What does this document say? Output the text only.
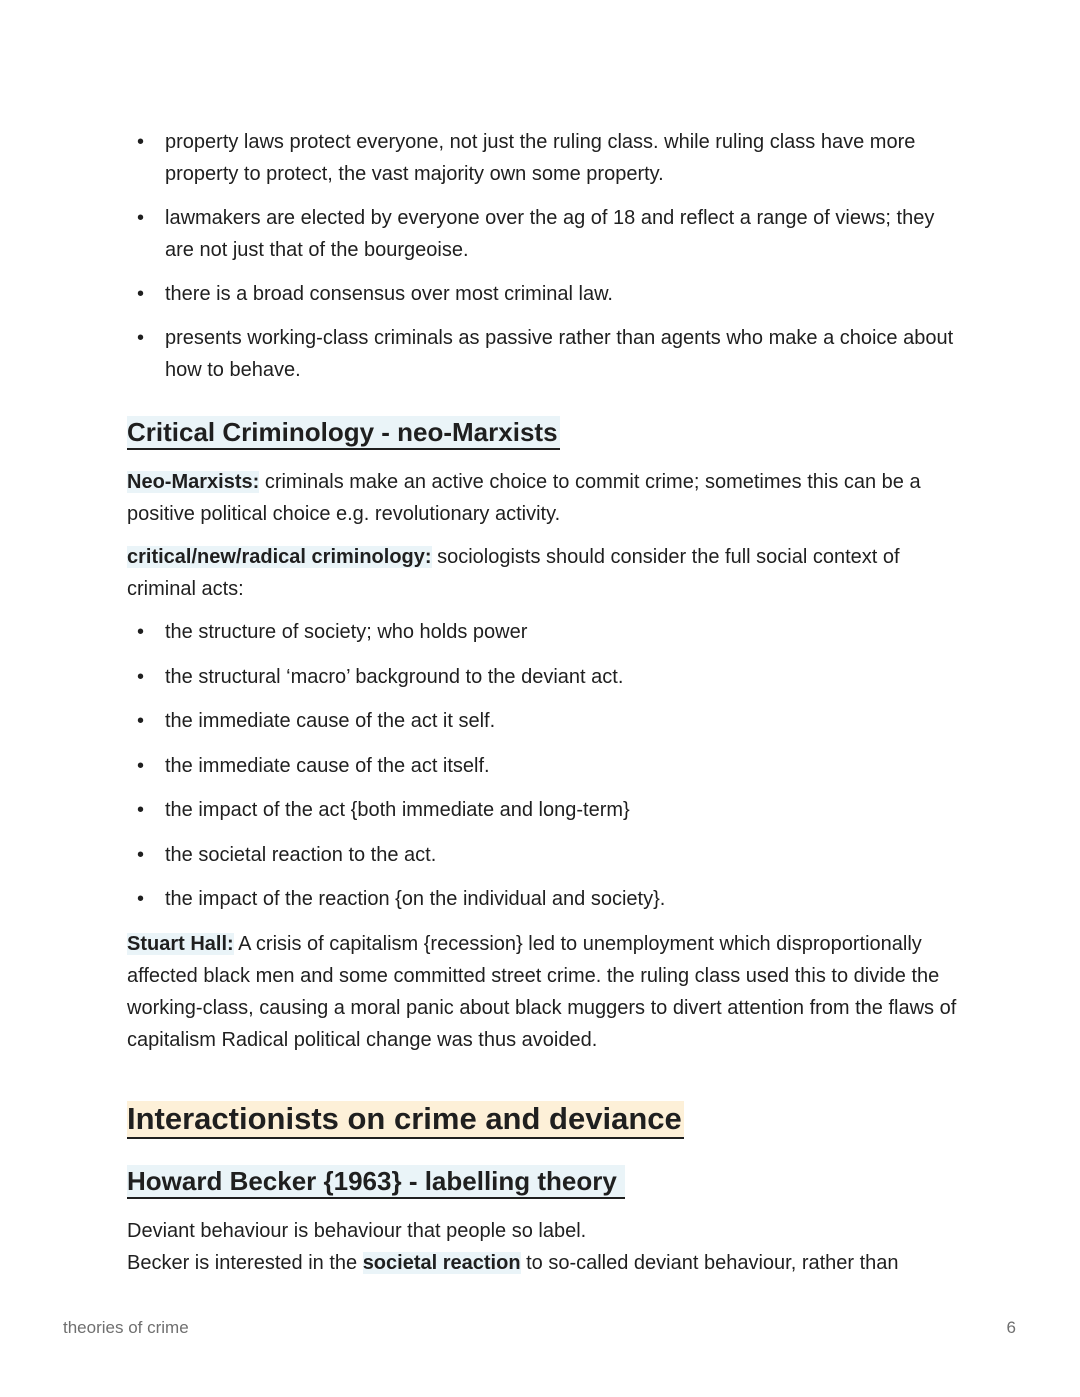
• property laws protect everyone, not just the ruling class. while ruling class have more property to protect, the vast majority own some property.
• lawmakers are elected by everyone over the ag of 18 and reflect a range of views; they are not just that of the bourgeoise.
• there is a broad consensus over most criminal law.
• presents working-class criminals as passive rather than agents who make a choice about how to behave.
Critical Criminology - neo-Marxists

Neo-Marxists: criminals make an active choice to commit crime; sometimes this can be a positive political choice e.g. revolutionary activity.

critical/new/radical criminology: sociologists should consider the full social context of criminal acts:

• the structure of society; who holds power
• the structural ‘macro’ background to the deviant act.
• the immediate cause of the act it self.
• the immediate cause of the act itself.
• the impact of the act {both immediate and long-term}
• the societal reaction to the act.
• the impact of the reaction {on the individual and society}.

Stuart Hall: A crisis of capitalism {recession} led to unemployment which disproportionally affected black men and some committed street crime. the ruling class used this to divide the working-class, causing a moral panic about black muggers to divert attention from the flaws of capitalism Radical political change was thus avoided.

Interactionists on crime and deviance
Howard Becker {1963} - labelling theory

Deviant behaviour is behaviour that people so label.
Becker is interested in the societal reaction to so-called deviant behaviour, rather than

theories of crime	6
